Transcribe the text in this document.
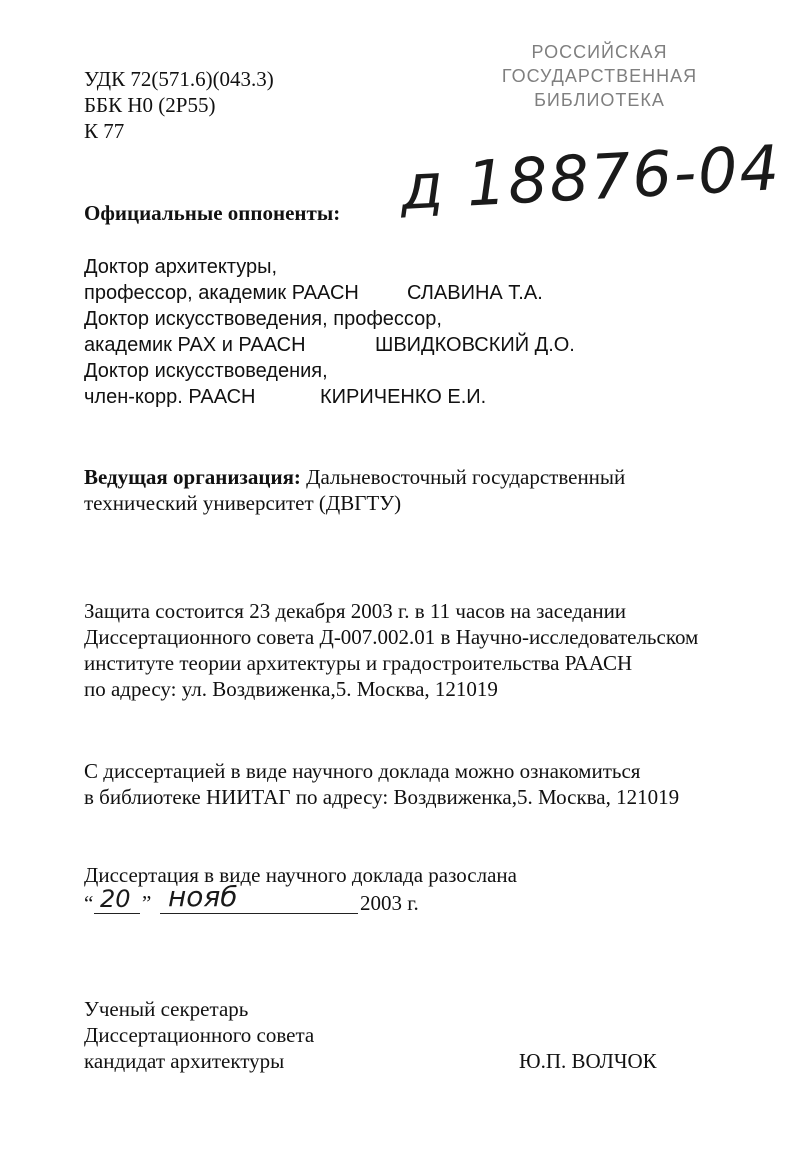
УДК 72(571.6)(043.3)
ББК Н0 (2Р55)
К 77
РОССИЙСКАЯ
ГОСУДАРСТВЕННАЯ
БИБЛИОТЕКА
д 18876-04
Официальные оппоненты:
Доктор архитектуры,
профессор, академик РААСН СЛАВИНА Т.А.
Доктор искусствоведения, профессор,
академик РАХ и РААСН	ШВИДКОВСКИЙ Д.О.
Доктор искусствоведения,
член-корр. РААСН	КИРИЧЕНКО Е.И.
Ведущая организация: Дальневосточный государственный
технический университет (ДВГТУ)
Защита состоится 23 декабря 2003 г. в 11 часов на заседании
Диссертационного совета Д-007.002.01 в Научно-исследовательском
институте теории архитектуры и градостроительства РААСН
по адресу: ул. Воздвиженка,5. Москва, 121019
С диссертацией в виде научного доклада можно ознакомиться
в библиотеке НИИТАГ по адресу: Воздвиженка,5. Москва, 121019
Диссертация в виде научного доклада разослана
“ 20 ” нояб	2003 г.
Ученый секретарь
Диссертационного совета
кандидат архитектуры	Ю.П. ВОЛЧОК
